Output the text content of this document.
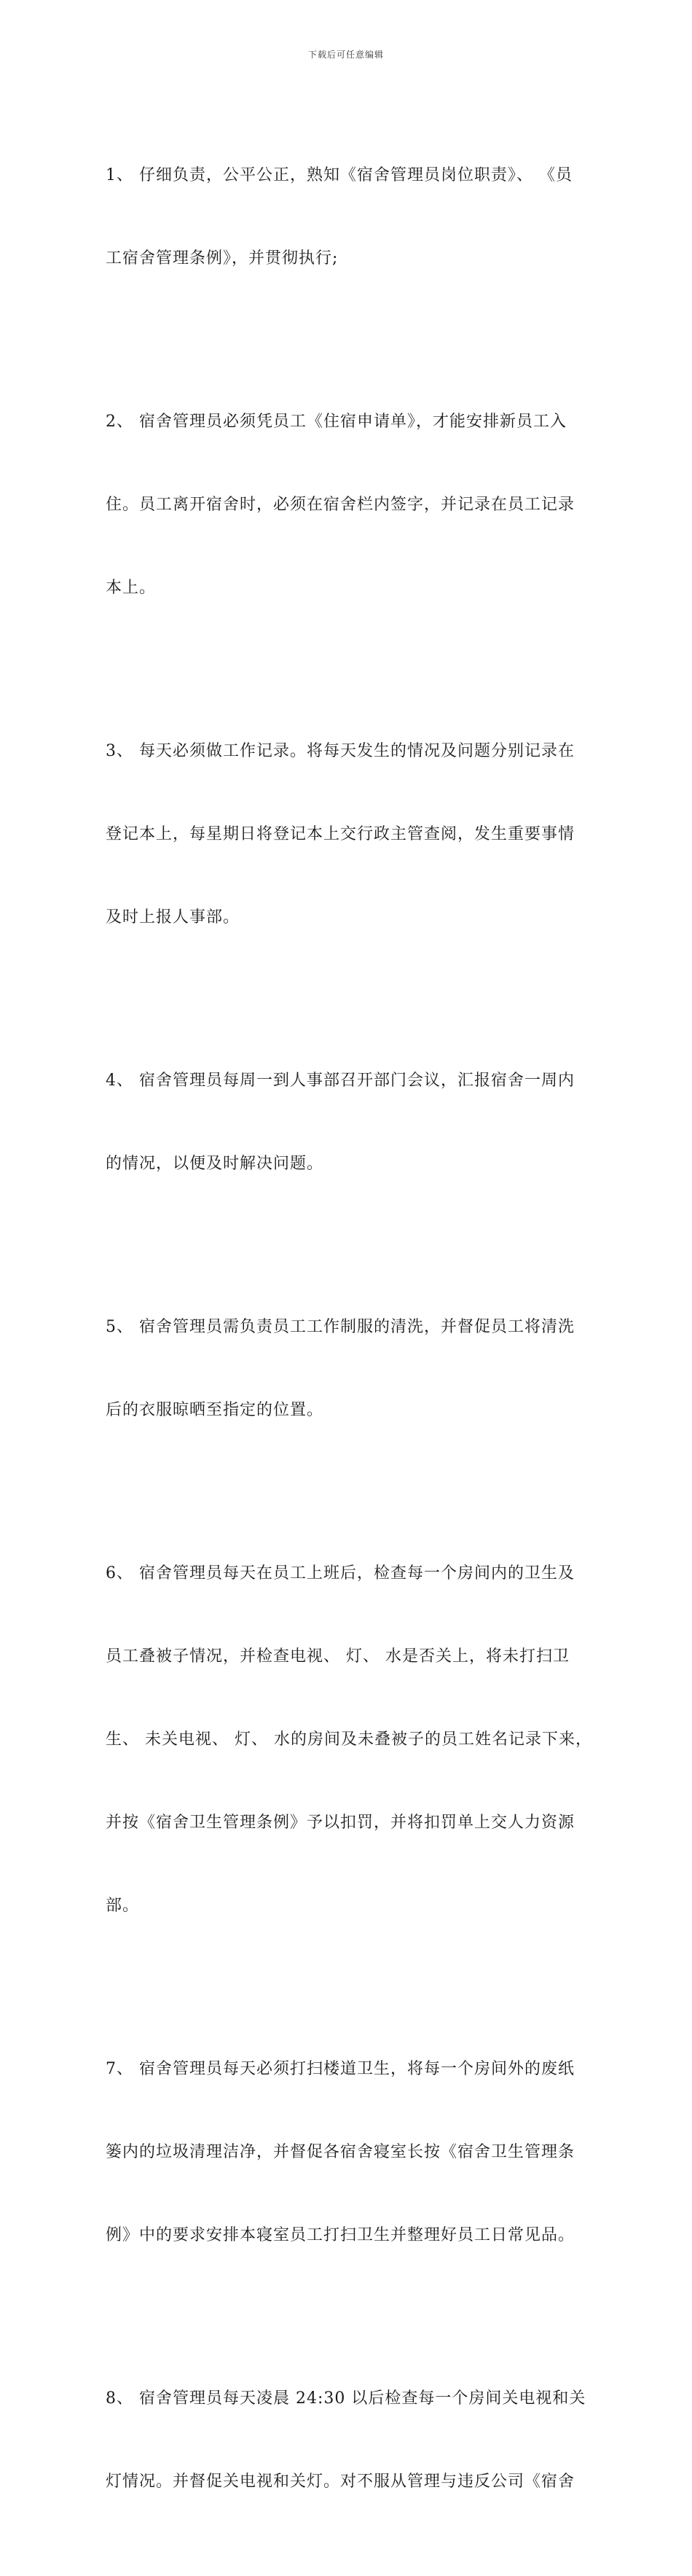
下载后可任意编辑

1、 仔细负责，公平公正，熟知《宿舍管理员岗位职责》、 《员

工宿舍管理条例》，并贯彻执行;

2、 宿舍管理员必须凭员工《住宿申请单》，才能安排新员工入

住。员工离开宿舍时，必须在宿舍栏内签字，并记录在员工记录

本上。

3、 每天必须做工作记录。将每天发生的情况及问题分别记录在

登记本上，每星期日将登记本上交行政主管查阅，发生重要事情

及时上报人事部。

4、 宿舍管理员每周一到人事部召开部门会议，汇报宿舍一周内

的情况，以便及时解决问题。

5、 宿舍管理员需负责员工工作制服的清洗，并督促员工将清洗

后的衣服晾晒至指定的位置。

6、 宿舍管理员每天在员工上班后，检查每一个房间内的卫生及

员工叠被子情况，并检查电视、 灯、 水是否关上，将未打扫卫

生、 未关电视、 灯、 水的房间及未叠被子的员工姓名记录下来，

并按《宿舍卫生管理条例》予以扣罚，并将扣罚单上交人力资源

部。

7、 宿舍管理员每天必须打扫楼道卫生，将每一个房间外的废纸

篓内的垃圾清理洁净，并督促各宿舍寝室长按《宿舍卫生管理条

例》中的要求安排本寝室员工打扫卫生并整理好员工日常见品。

8、 宿舍管理员每天凌晨 24:30 以后检查每一个房间关电视和关

灯情况。并督促关电视和关灯。对不服从管理与违反公司《宿舍
